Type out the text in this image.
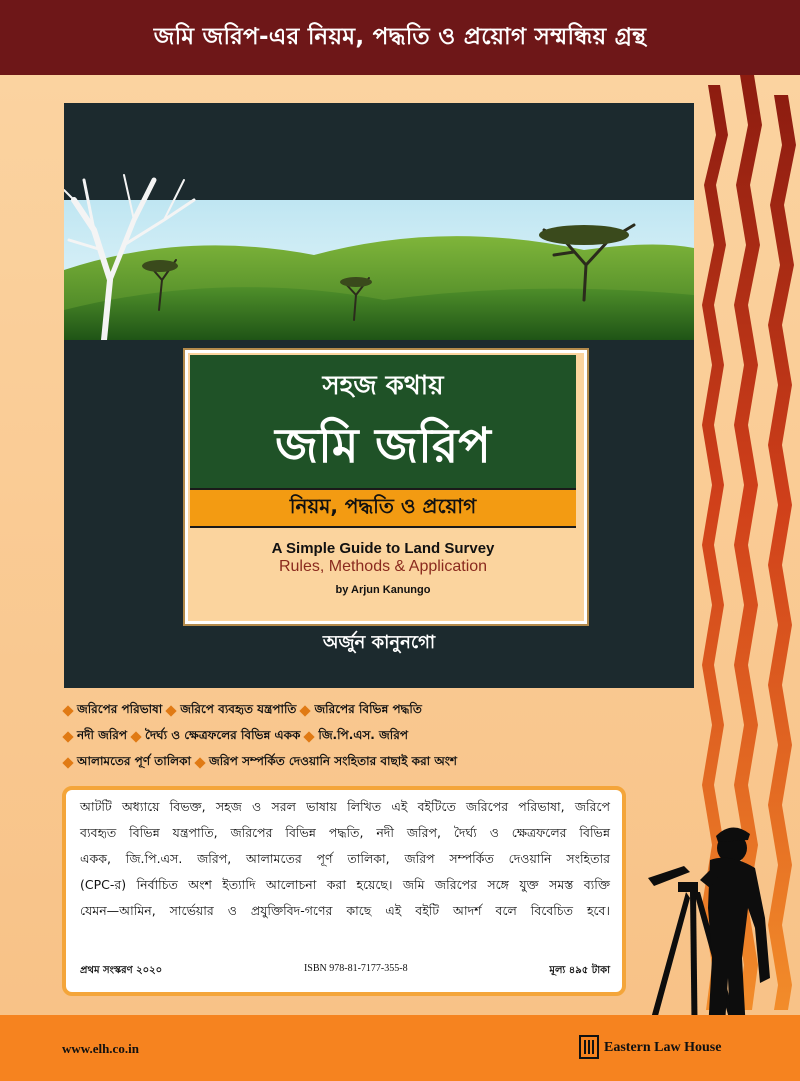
জমি জরিপ-এর নিয়ম, পদ্ধতি ও প্রয়োগ সম্মন্ধিয় গ্রন্থ
সহজ কথায়
জমি জরিপ
নিয়ম, পদ্ধতি ও প্রয়োগ
A Simple Guide to Land Survey
Rules, Methods & Application
by Arjun Kanungo
অর্জুন কানুনগো
জরিপের পরিভাষা জরিপে ব্যবহৃত যন্ত্রপাতি জরিপের বিভিন্ন পদ্ধতি
নদী জরিপ দৈর্ঘ্য ও ক্ষেত্রফলের বিভিন্ন একক জি.পি.এস. জরিপ
আলামতের পূর্ণ তালিকা জরিপ সম্পর্কিত দেওয়ানি সংহিতার বাছাই করা অংশ
আটটি অধ্যায়ে বিভক্ত, সহজ ও সরল ভাষায় লিখিত এই বইটিতে জরিপের পরিভাষা, জরিপে
ব্যবহৃত বিভিন্ন যন্ত্রপাতি, জরিপের বিভিন্ন পদ্ধতি, নদী জরিপ, দৈর্ঘ্য ও ক্ষেত্রফলের বিভিন্ন
একক, জি.পি.এস. জরিপ, আলামতের পূর্ণ তালিকা, জরিপ সম্পর্কিত দেওয়ানি সংহিতার
(CPC-র) নির্বাচিত অংশ ইত্যাদি আলোচনা করা হয়েছে। জমি জরিপের সঙ্গে যুক্ত সমস্ত ব্যক্তি
যেমন—আমিন, সার্ভেয়ার ও প্রযুক্তিবিদ-গণের কাছে এই বইটি আদর্শ বলে বিবেচিত হবে।
প্রথম সংস্করণ ২০২০	ISBN 978-81-7177-355-8	মূল্য ৪৯৫ টাকা
www.elh.co.in	Eastern Law House
